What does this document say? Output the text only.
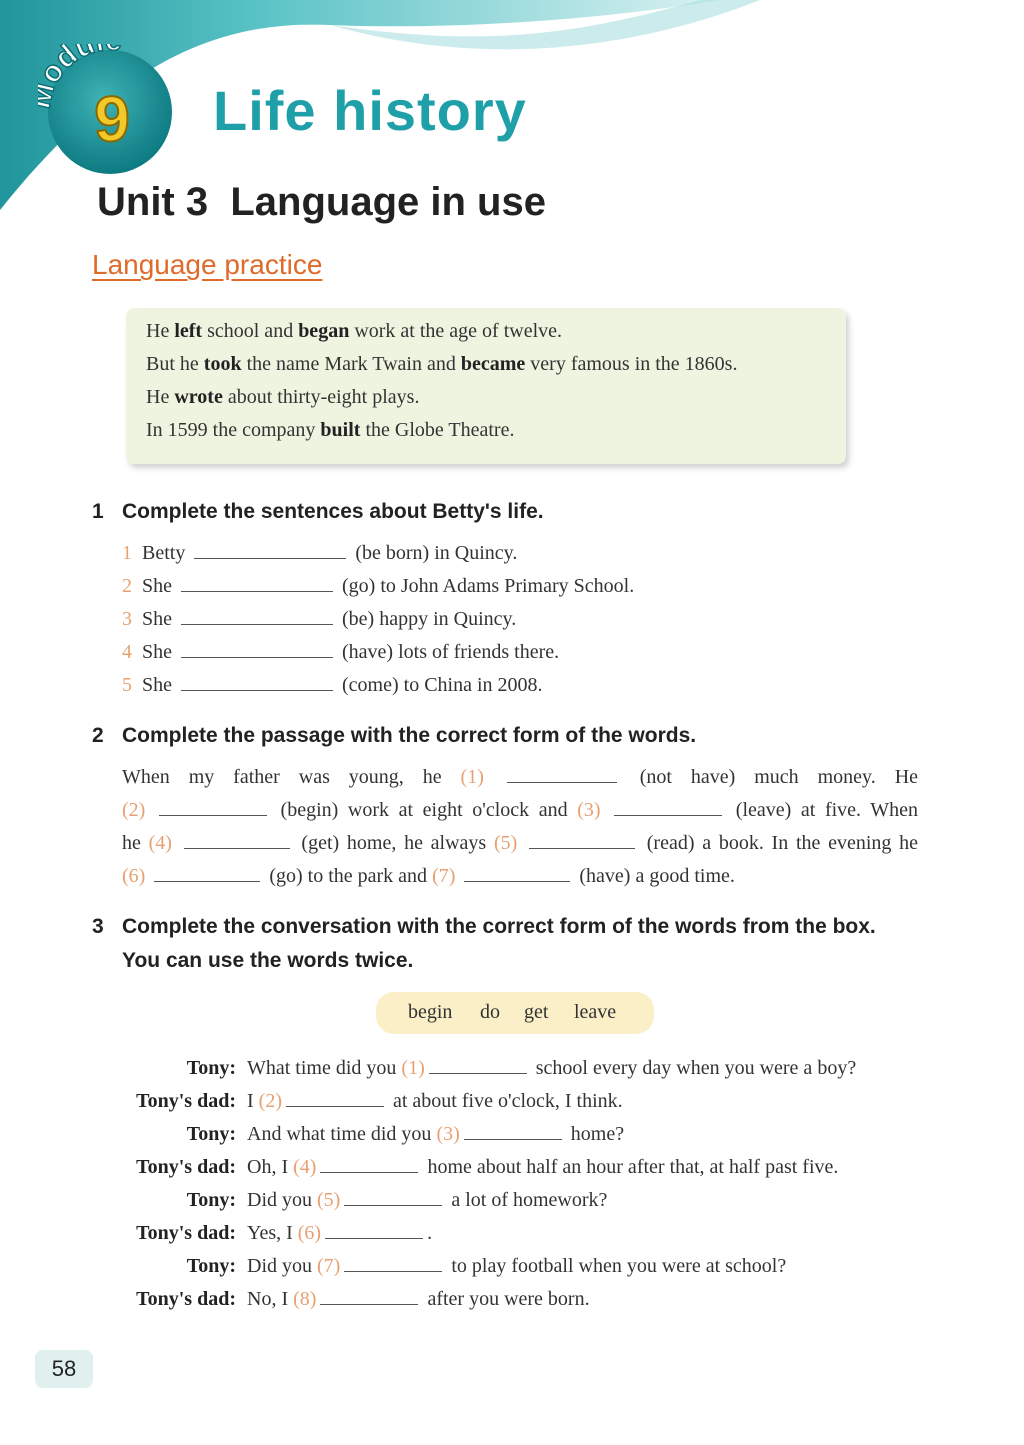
du
9 Life history
Unit 3  Language in use
Language practice
He left school and began work at the age of twelve.
But he took the name Mark Twain and became very famous in the 1860s.
He wrote about thirty-eight plays.
In 1599 the company built the Globe Theatre.
1 Complete the sentences about Betty's life.
1 Betty	(be born) in Quincy.
2 She	(go) to John Adams Primary School.
3 She	(be) happy in Quincy.
4 She	(have) lots of friends there.
5 She	(come) to China in 2008.
2 Complete the passage with the correct form of the words.
When my father was young, he (1)	(not have) much money. He
(2)	(begin) work at eight o'clock and (3)	(leave) at five. When
he (4)	(get) home, he always (5)	(read) a book. In the evening he
(6)	(go) to the park and (7)	(have) a good time.
3 Complete the conversation with the correct form of the words from the box.
You can use the words twice.
begin do get leave
Tony: What time did you (1)	school every day when you were a boy?
Tony's dad: I (2)	at about five o'clock, I think.
Tony: And what time did you (3)	home?
Tony's dad: Oh, I (4)	home about half an hour after that, at half past five.
Tony: Did you (5)	a lot of homework?
Tony's dad: Yes, I (6)	.
Tony: Did you (7)	to play football when you were at school?
Tony's dad: No, I (8)	after you were born.
58
